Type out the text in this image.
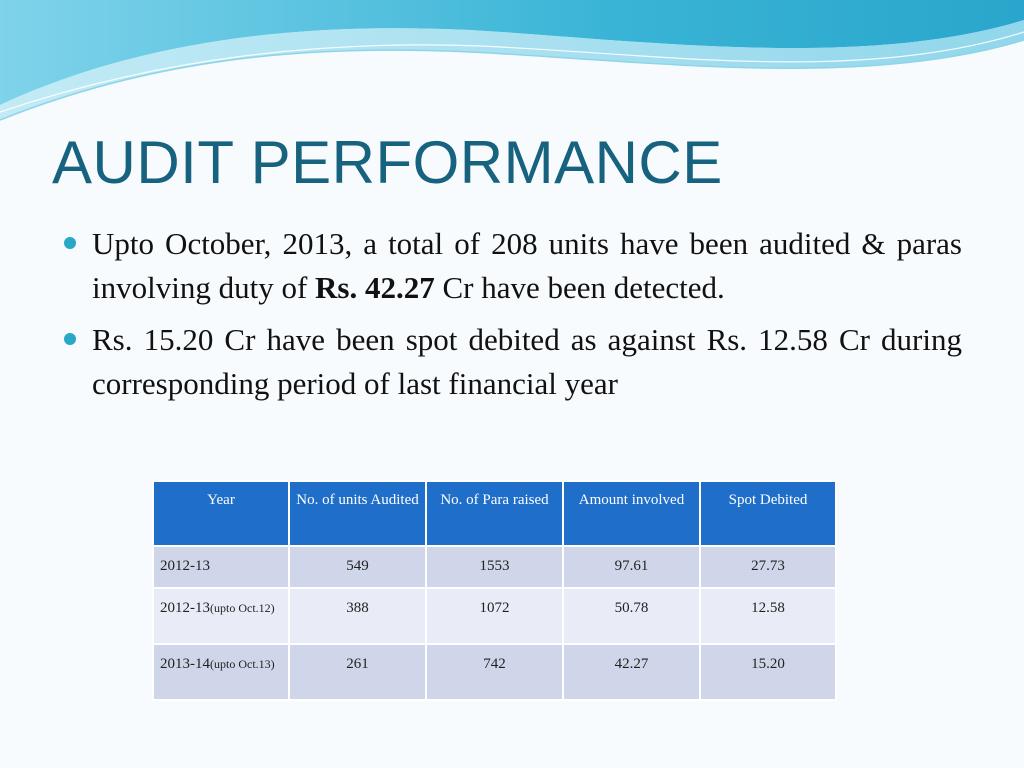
AUDIT PERFORMANCE
Upto October, 2013, a total of 208 units have been audited & paras involving duty of Rs. 42.27 Cr have been detected.
Rs. 15.20 Cr have been spot debited as against Rs. 12.58 Cr during corresponding period of last financial year
Year	No. of units Audited	No. of Para raised	Amount involved	Spot Debited
2012-13	549	1553	97.61	27.73
2012-13(upto Oct.12)	388	1072	50.78	12.58
2013-14(upto Oct.13)	261	742	42.27	15.20
